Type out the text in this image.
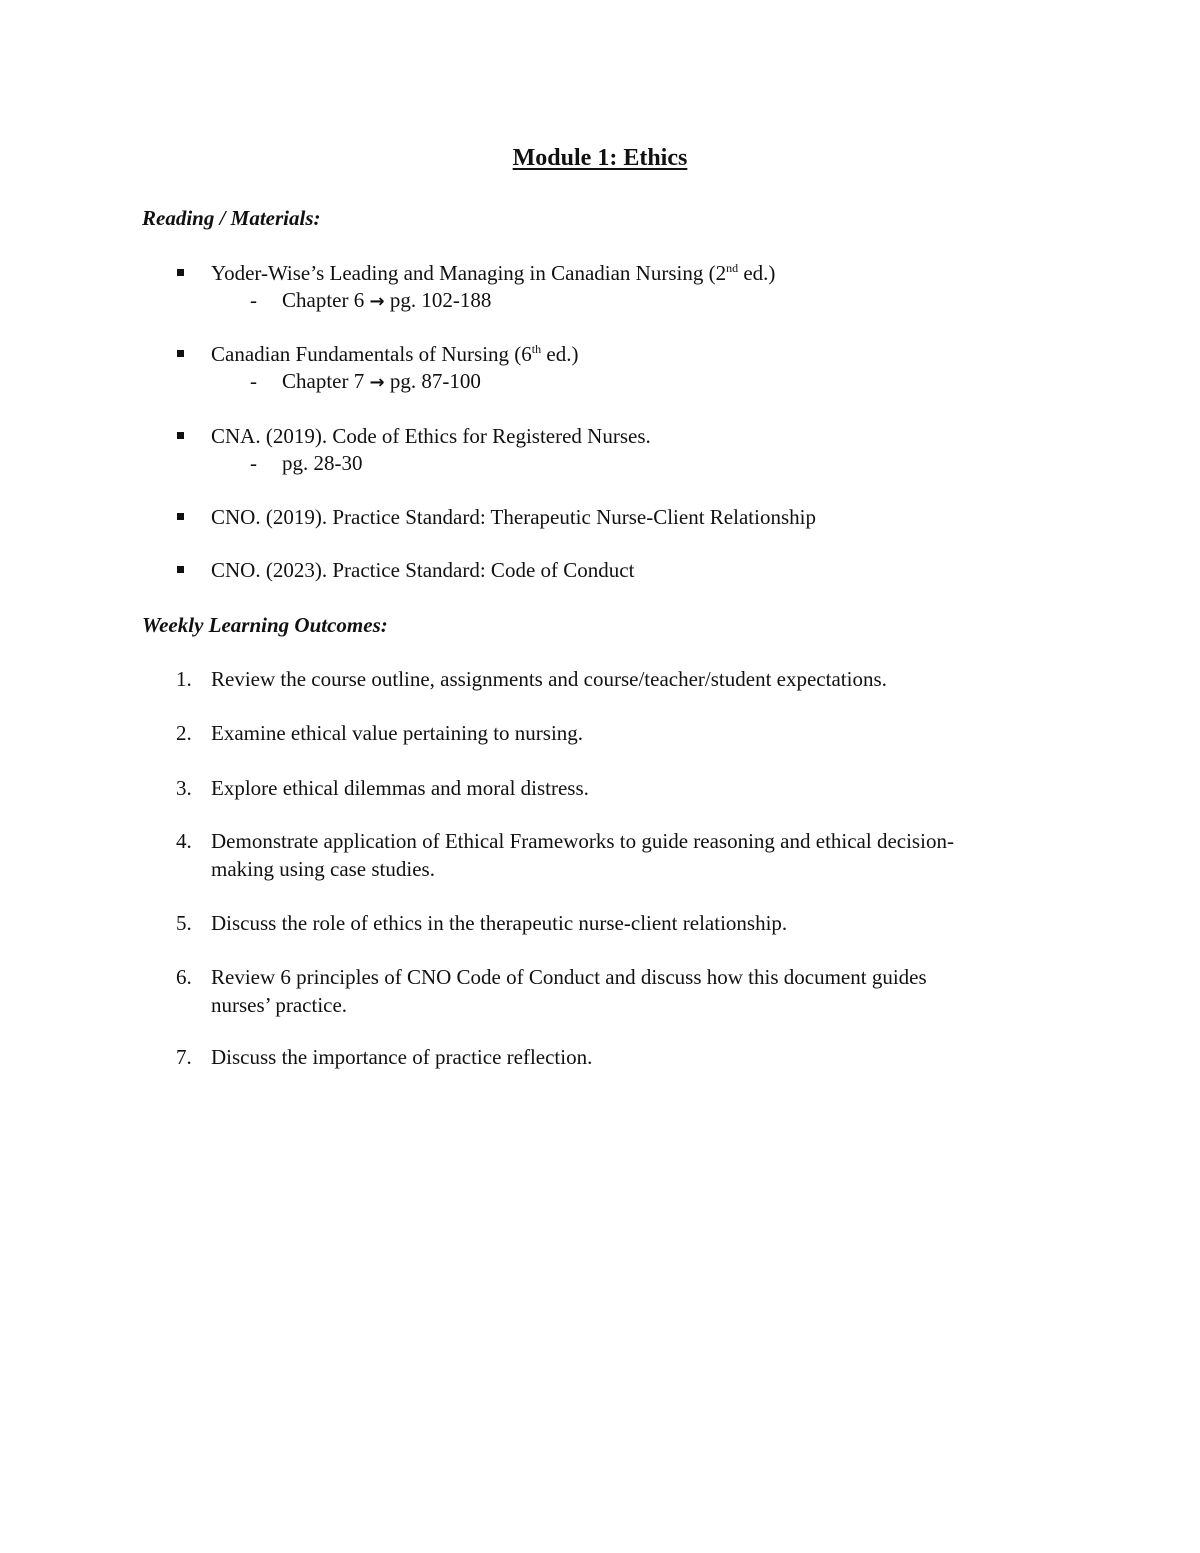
Module 1: Ethics
Reading / Materials:
Yoder-Wise’s Leading and Managing in Canadian Nursing (2nd ed.)
- Chapter 6 → pg. 102-188
Canadian Fundamentals of Nursing (6th ed.)
- Chapter 7 → pg. 87-100
CNA. (2019). Code of Ethics for Registered Nurses.
- pg. 28-30
CNO. (2019). Practice Standard: Therapeutic Nurse-Client Relationship
CNO. (2023). Practice Standard: Code of Conduct
Weekly Learning Outcomes:
1. Review the course outline, assignments and course/teacher/student expectations.
2. Examine ethical value pertaining to nursing.
3. Explore ethical dilemmas and moral distress.
4. Demonstrate application of Ethical Frameworks to guide reasoning and ethical decision-
making using case studies.
5. Discuss the role of ethics in the therapeutic nurse-client relationship.
6. Review 6 principles of CNO Code of Conduct and discuss how this document guides
nurses’ practice.
7. Discuss the importance of practice reflection.
